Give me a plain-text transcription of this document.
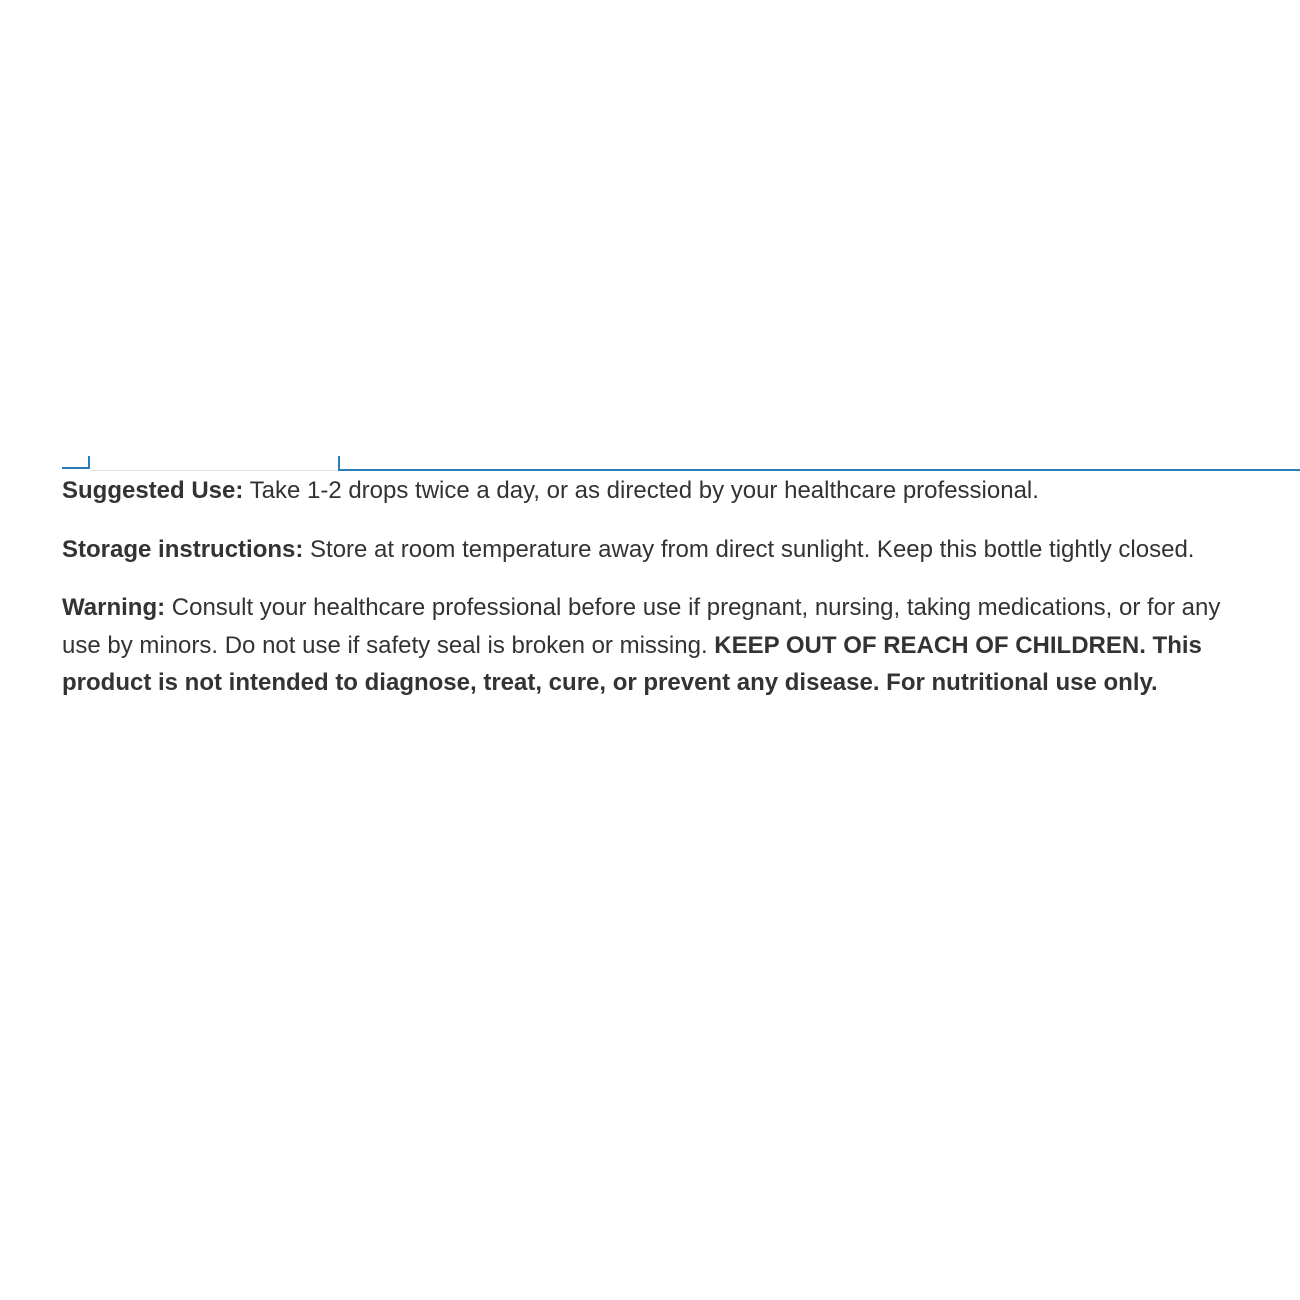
Suggested Use: Take 1-2 drops twice a day, or as directed by your healthcare professional.

Storage instructions: Store at room temperature away from direct sunlight. Keep this bottle tightly closed.

Warning: Consult your healthcare professional before use if pregnant, nursing, taking medications, or for any use by minors. Do not use if safety seal is broken or missing. KEEP OUT OF REACH OF CHILDREN. This product is not intended to diagnose, treat, cure, or prevent any disease. For nutritional use only.
